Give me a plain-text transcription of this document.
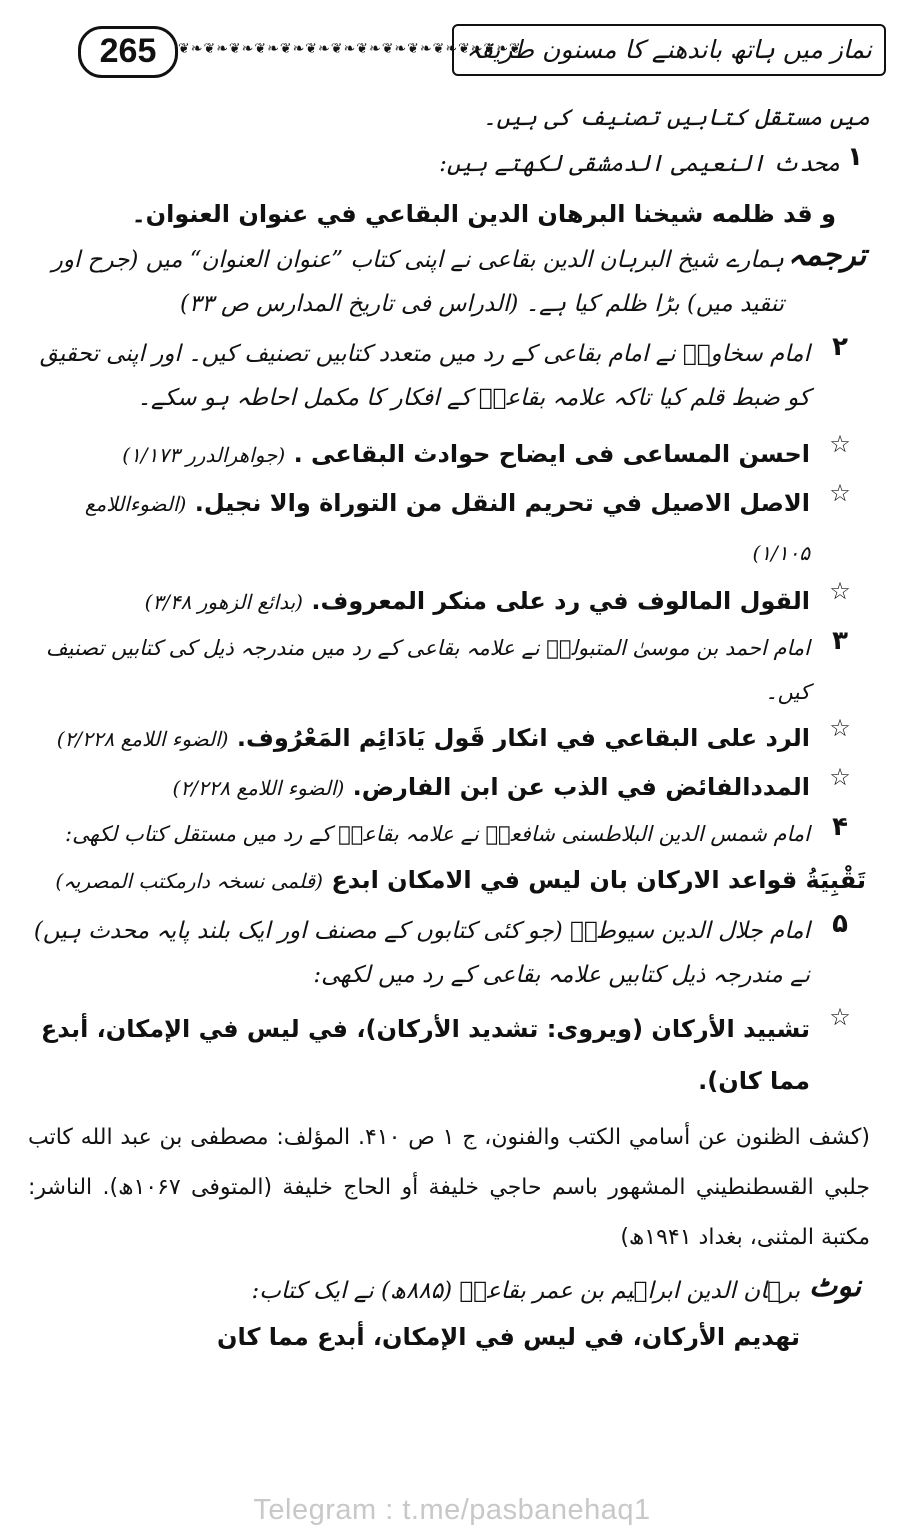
265	❦❧❦❧❦❧❦❧❦❧❦❧❦❧❦❧❦❧❦❧❦❧❦❧❦❧❦
نماز میں ہاتھ باندھنے کا مسنون طریقہ
میں مستقل کتابیں تصنیف کی ہیں۔
۱
محدث النعیمی الدمشقی لکھتے ہیں:
و قد ظلمه شيخنا البرهان الدين البقاعي في عنوان العنوان۔
ترجمہ
ہمارے شیخ البرہان الدین بقاعی نے اپنی کتاب ”عنوان العنوان“ میں (جرح اور تنقید میں) بڑا ظلم کیا ہے۔ (الدراس فی تاریخ المدارس ص ۳۳)
۲
امام سخاویؒ نے امام بقاعی کے رد میں متعدد کتابیں تصنیف کیں۔ اور اپنی تحقیق کو ضبط قلم کیا تاکہ علامہ بقاعیؒ کے افکار کا مکمل احاطہ ہو سکے۔
☆
احسن المساعی فی ایضاح حوادث البقاعی . (جواھرالدرر ۱/۱۷۳)
☆
الاصل الاصيل في تحريم النقل من التوراة والا نجيل. (الضوءاللامع ۱/۱۰۵)
☆
القول المالوف في رد على منكر المعروف. (بدائع الزهور ۳/۴۸)
۳
امام احمد بن موسیٰ المتبولیؒ نے علامہ بقاعی کے رد میں مندرجہ ذیل کی کتابیں تصنیف کیں۔
☆
الرد على البقاعي في انكار قَول يَادَائِم المَعْرُوف. (الضوء اللامع ۲/۲۲۸)
☆
المددالفائض في الذب عن ابن الفارض. (الضوء اللامع ۲/۲۲۸)
۴
امام شمس الدین البلاطسنی شافعیؒ نے علامہ بقاعیؒ کے رد میں مستقل کتاب لکھی:
تَقْبِيَةُ قواعد الاركان بان ليس في الامكان ابدع (قلمی نسخہ دارمکتب المصریہ)
۵
امام جلال الدین سیوطیؒ (جو کئی کتابوں کے مصنف اور ایک بلند پایہ محدث ہیں) نے مندرجہ ذیل کتابیں علامہ بقاعی کے رد میں لکھی:
☆
تشييد الأركان (ويروى: تشديد الأركان)، في ليس في الإمكان، أبدع مما كان).
(كشف الظنون عن أسامي الكتب والفنون، ج ۱ ص ۴۱۰. المؤلف: مصطفى بن عبد الله كاتب جلبي القسطنطيني المشهور باسم حاجي خليفة أو الحاج خليفة (المتوفى ۱۰۶۷ھ). الناشر: مكتبة المثنى، بغداد ۱۹۴۱ھ)
نوٹ
برہان الدین ابراہیم بن عمر بقاعیؒ (۸۸۵ھ) نے ایک کتاب:
تهديم الأركان، في ليس في الإمكان، أبدع مما كان
Telegram : t.me/pasbanehaq1
